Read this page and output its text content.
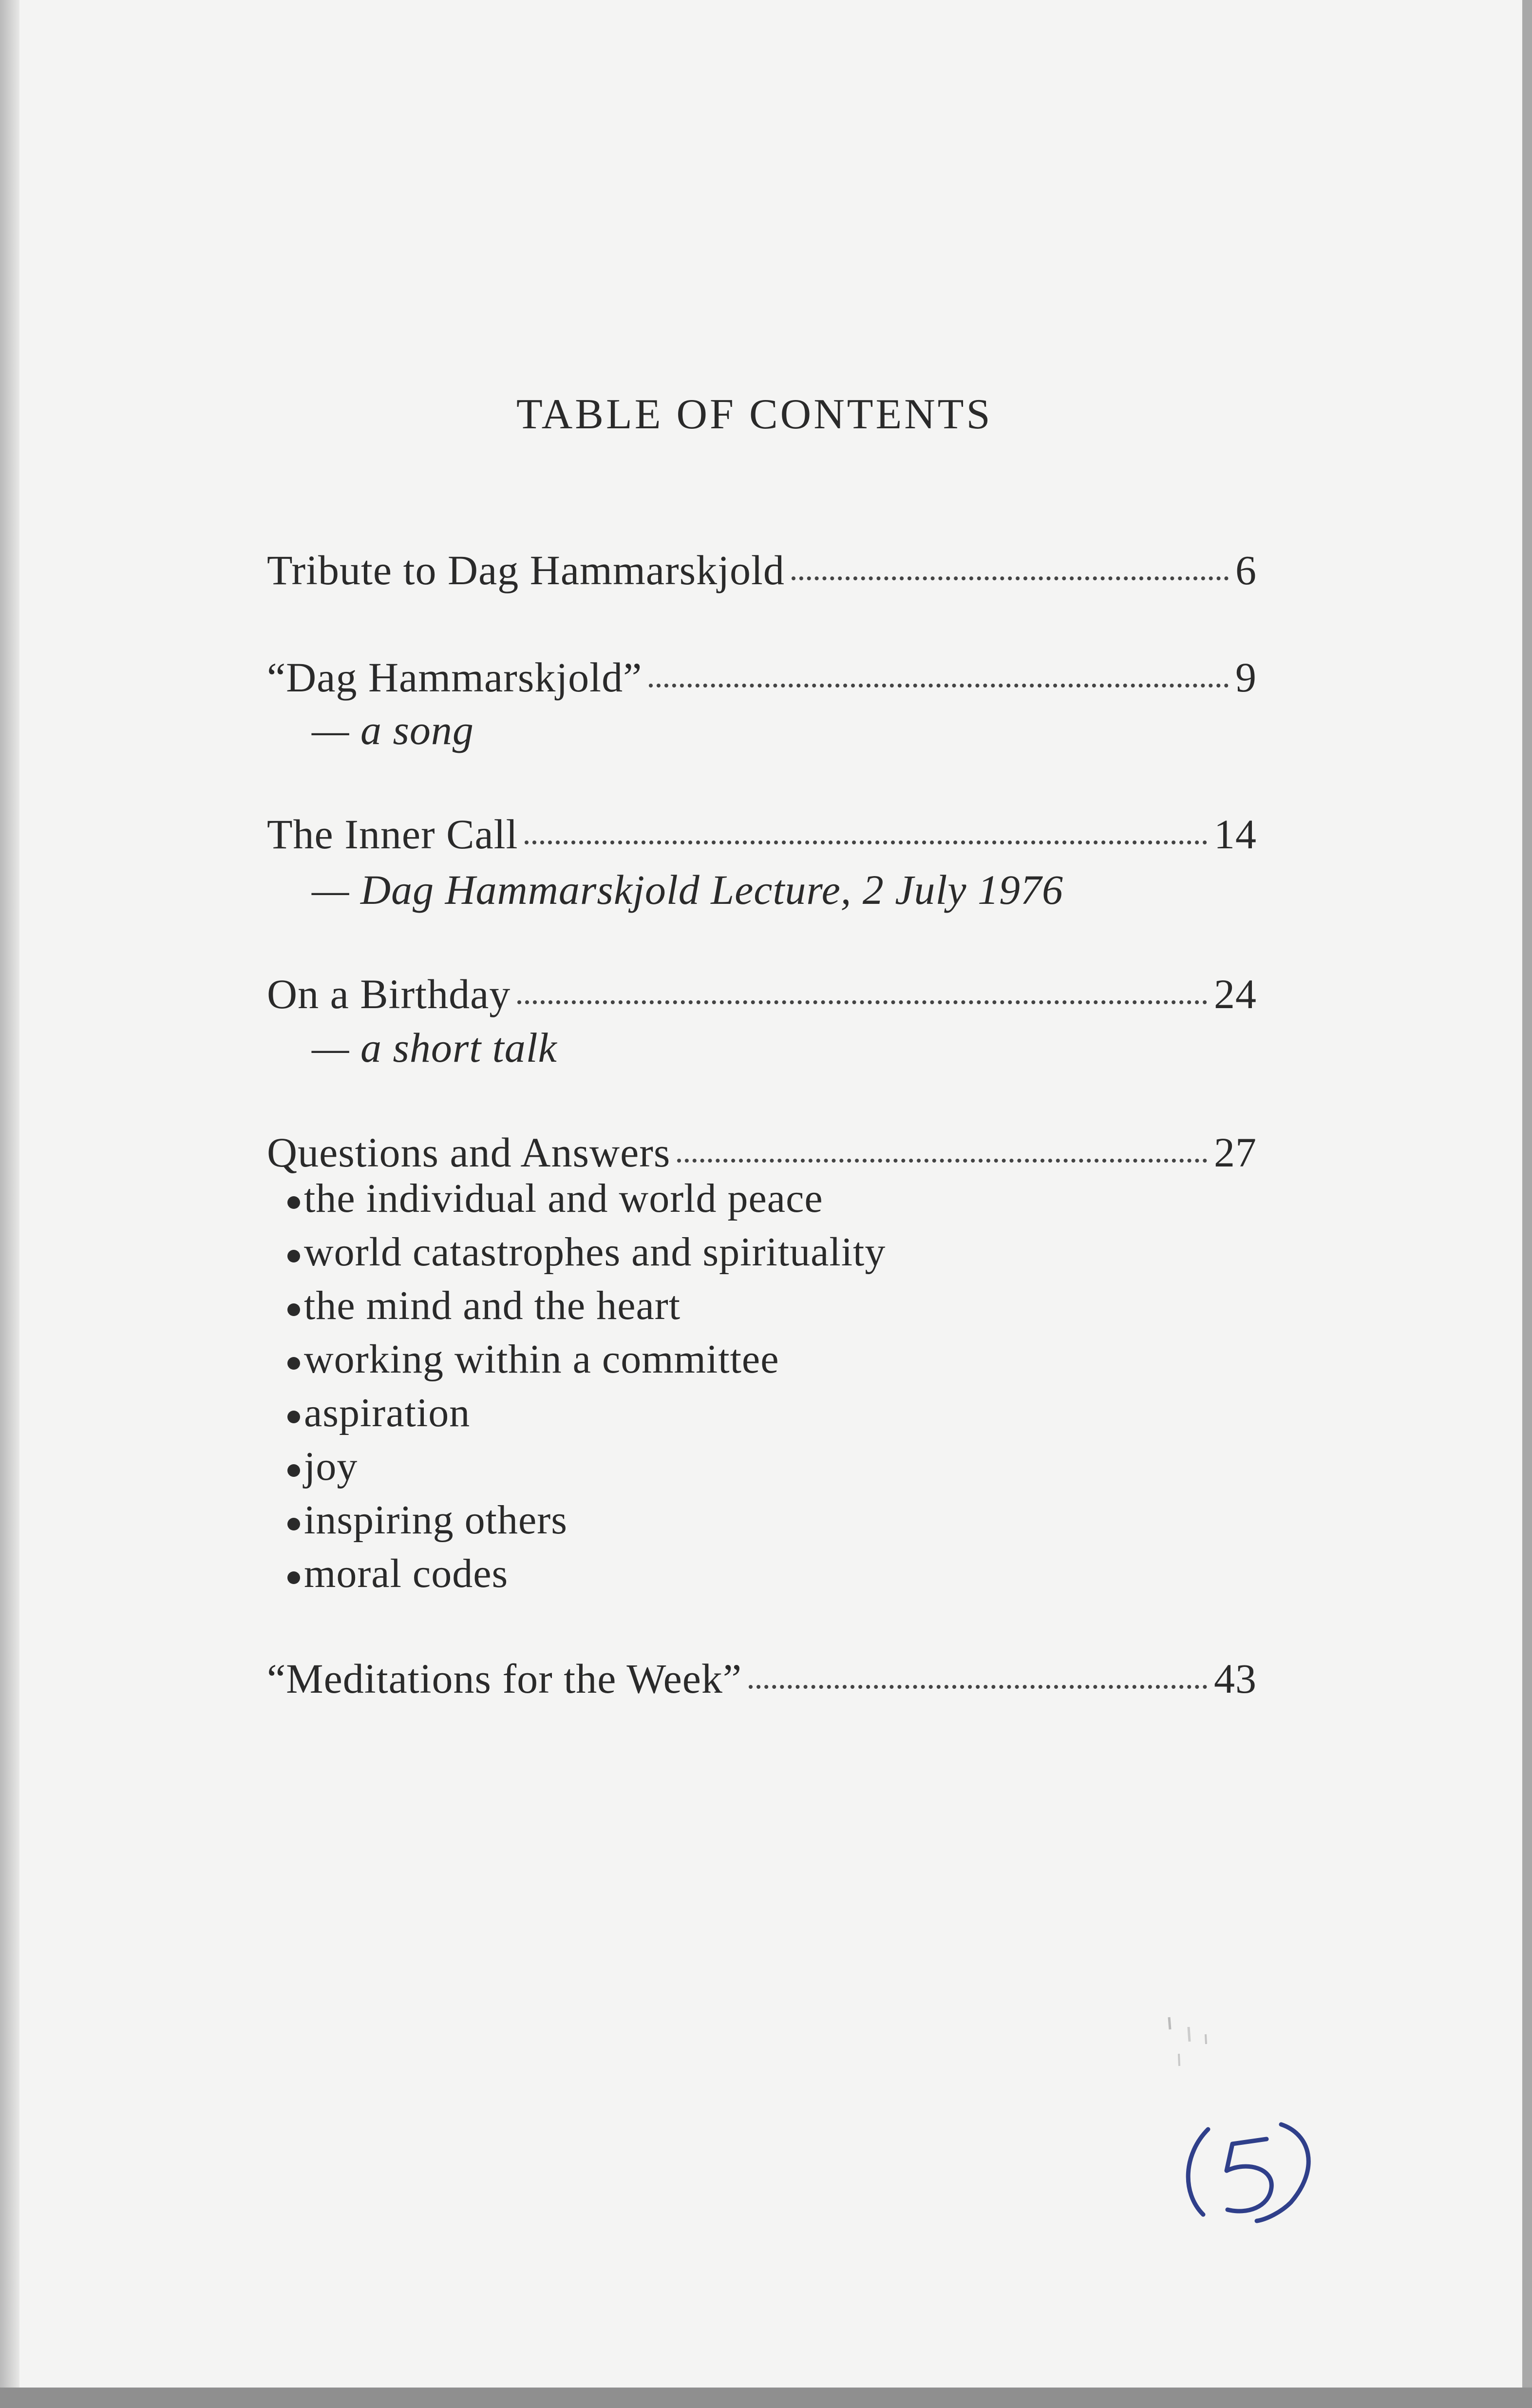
TABLE OF CONTENTS
Tribute to Dag Hammarskjold	6
“Dag Hammarskjold”	9
— a song
The Inner Call	14
— Dag Hammarskjold Lecture, 2 July 1976
On a Birthday	24
— a short talk
Questions and Answers	27
the individual and world peace
world catastrophes and spirituality
the mind and the heart
working within a committee
aspiration
joy
inspiring others
moral codes
“Meditations for the Week”	43
